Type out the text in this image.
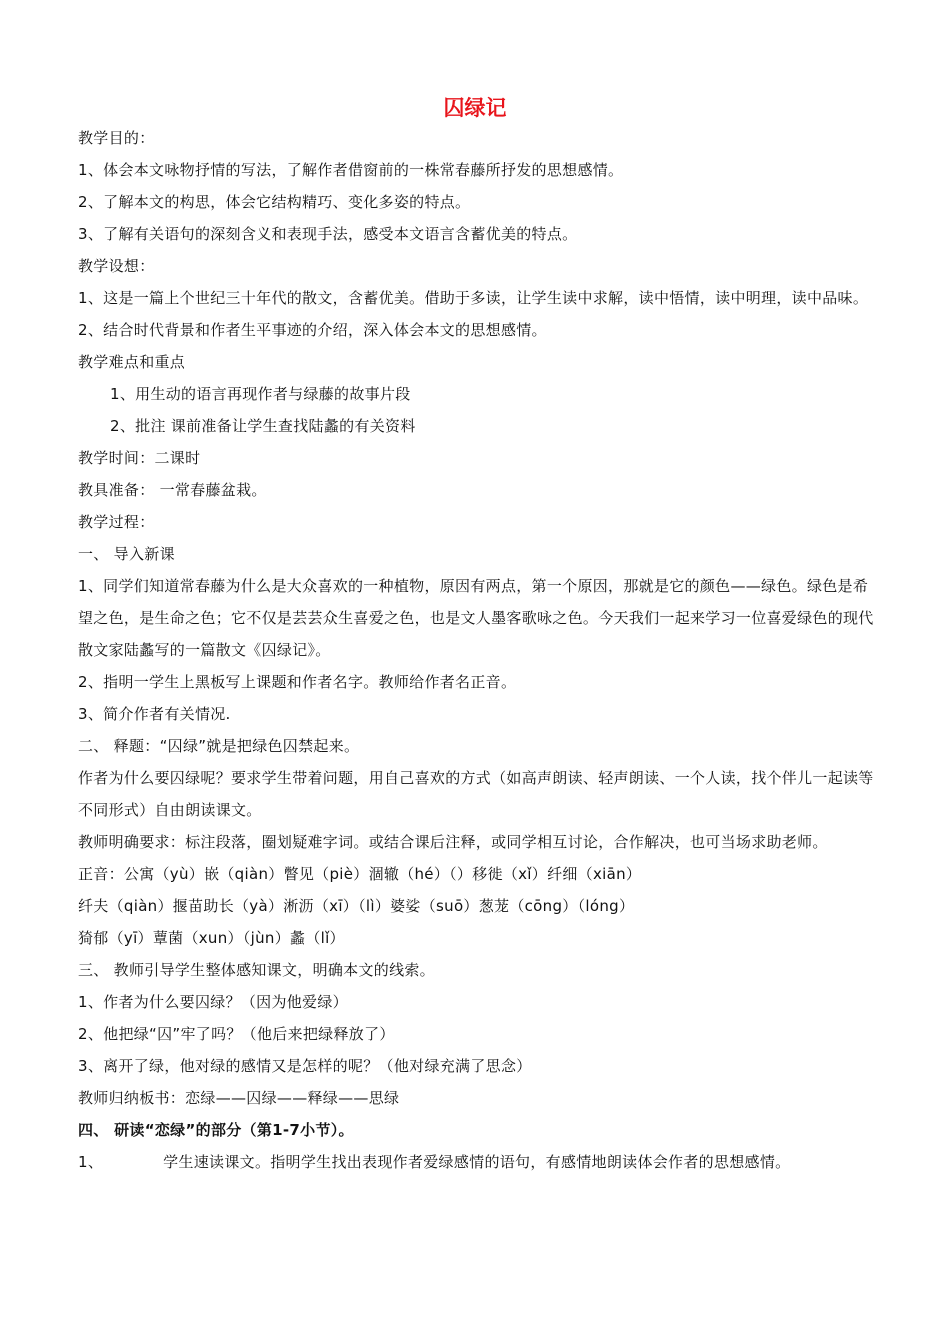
囚绿记

教学目的：

1、体会本文咏物抒情的写法，了解作者借窗前的一株常春藤所抒发的思想感情。

2、了解本文的构思，体会它结构精巧、变化多姿的特点。

3、了解有关语句的深刻含义和表现手法，感受本文语言含蓄优美的特点。

教学设想：

1、这是一篇上个世纪三十年代的散文，含蓄优美。借助于多读，让学生读中求解，读中悟情，读中明理，读中品味。

2、结合时代背景和作者生平事迹的介绍，深入体会本文的思想感情。

教学难点和重点

1、用生动的语言再现作者与绿藤的故事片段

2、批注 课前准备让学生查找陆蠡的有关资料

教学时间：二课时

教具准备： 一常春藤盆栽。

教学过程：

一、 导入新课

1、同学们知道常春藤为什么是大众喜欢的一种植物，原因有两点，第一个原因，那就是它的颜色——绿色。绿色是希望之色，是生命之色；它不仅是芸芸众生喜爱之色，也是文人墨客歌咏之色。今天我们一起来学习一位喜爱绿色的现代散文家陆蠡写的一篇散文《囚绿记》。

2、指明一学生上黑板写上课题和作者名字。教师给作者名正音。

3、简介作者有关情况.

二、 释题：“囚绿”就是把绿色囚禁起来。

作者为什么要囚绿呢？要求学生带着问题，用自己喜欢的方式（如高声朗读、轻声朗读、一个人读，找个伴儿一起读等不同形式）自由朗读课文。

教师明确要求：标注段落，圈划疑难字词。或结合课后注释，或同学相互讨论，合作解决，也可当场求助老师。

正音：公寓（yù）嵌（qiàn）瞥见（piè）涸辙（hé）（）移徙（xǐ）纤细（xiān）

纤夫（qiàn）揠苗助长（yà）淅沥（xī）（lì）婆娑（suō）葱茏（cōng）（lóng）

猗郁（yī）蕈菌（xun）（jùn）蠡（lǐ）

三、 教师引导学生整体感知课文，明确本文的线索。

1、作者为什么要囚绿？（因为他爱绿）

2、他把绿“囚”牢了吗？（他后来把绿释放了）

3、离开了绿，他对绿的感情又是怎样的呢？（他对绿充满了思念）

教师归纳板书：恋绿——囚绿——释绿——思绿

四、 研读“恋绿”的部分（第1-7小节）。

1、	学生速读课文。指明学生找出表现作者爱绿感情的语句，有感情地朗读体会作者的思想感情。
